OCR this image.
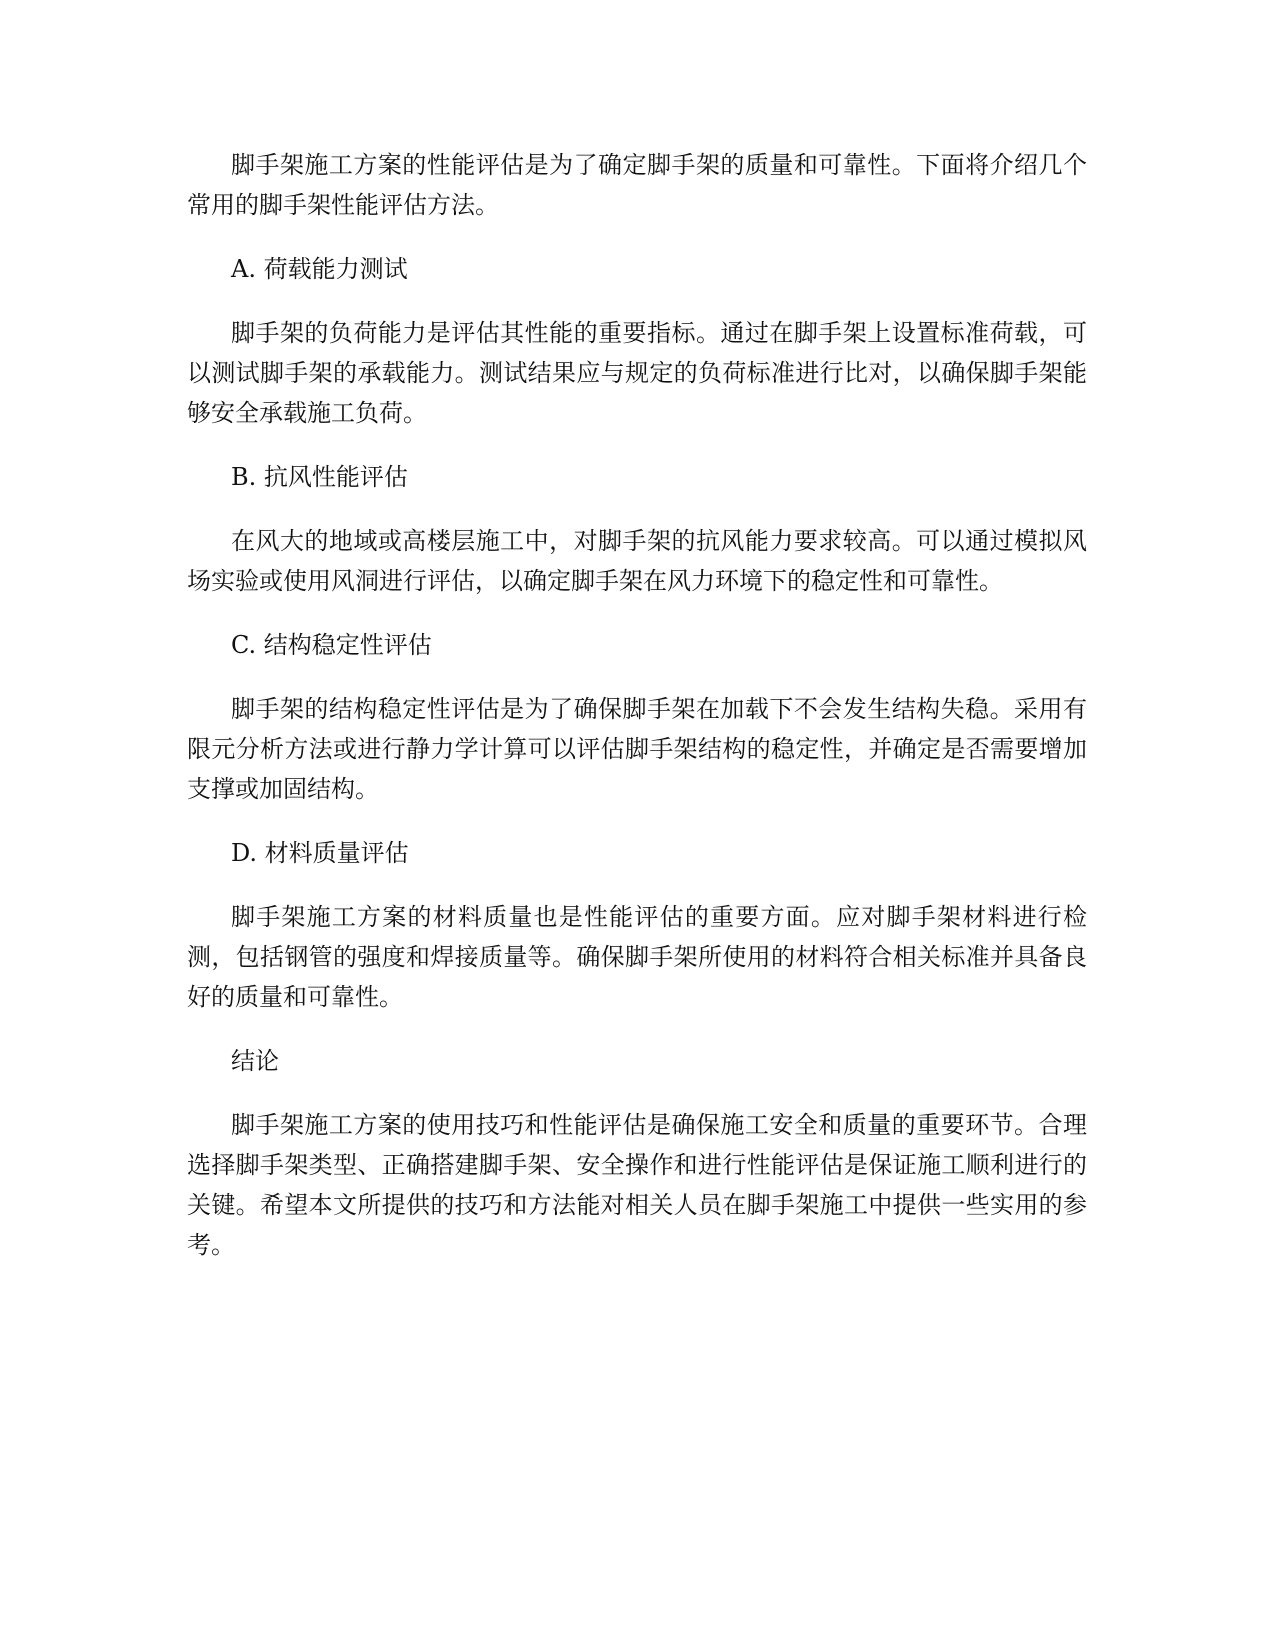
脚手架施工方案的性能评估是为了确定脚手架的质量和可靠性。下面将介绍几个常用的脚手架性能评估方法。

A. 荷载能力测试

脚手架的负荷能力是评估其性能的重要指标。通过在脚手架上设置标准荷载，可以测试脚手架的承载能力。测试结果应与规定的负荷标准进行比对，以确保脚手架能够安全承载施工负荷。

B. 抗风性能评估

在风大的地域或高楼层施工中，对脚手架的抗风能力要求较高。可以通过模拟风场实验或使用风洞进行评估，以确定脚手架在风力环境下的稳定性和可靠性。

C. 结构稳定性评估

脚手架的结构稳定性评估是为了确保脚手架在加载下不会发生结构失稳。采用有限元分析方法或进行静力学计算可以评估脚手架结构的稳定性，并确定是否需要增加支撑或加固结构。

D. 材料质量评估

脚手架施工方案的材料质量也是性能评估的重要方面。应对脚手架材料进行检测，包括钢管的强度和焊接质量等。确保脚手架所使用的材料符合相关标准并具备良好的质量和可靠性。

结论

脚手架施工方案的使用技巧和性能评估是确保施工安全和质量的重要环节。合理选择脚手架类型、正确搭建脚手架、安全操作和进行性能评估是保证施工顺利进行的关键。希望本文所提供的技巧和方法能对相关人员在脚手架施工中提供一些实用的参考。
